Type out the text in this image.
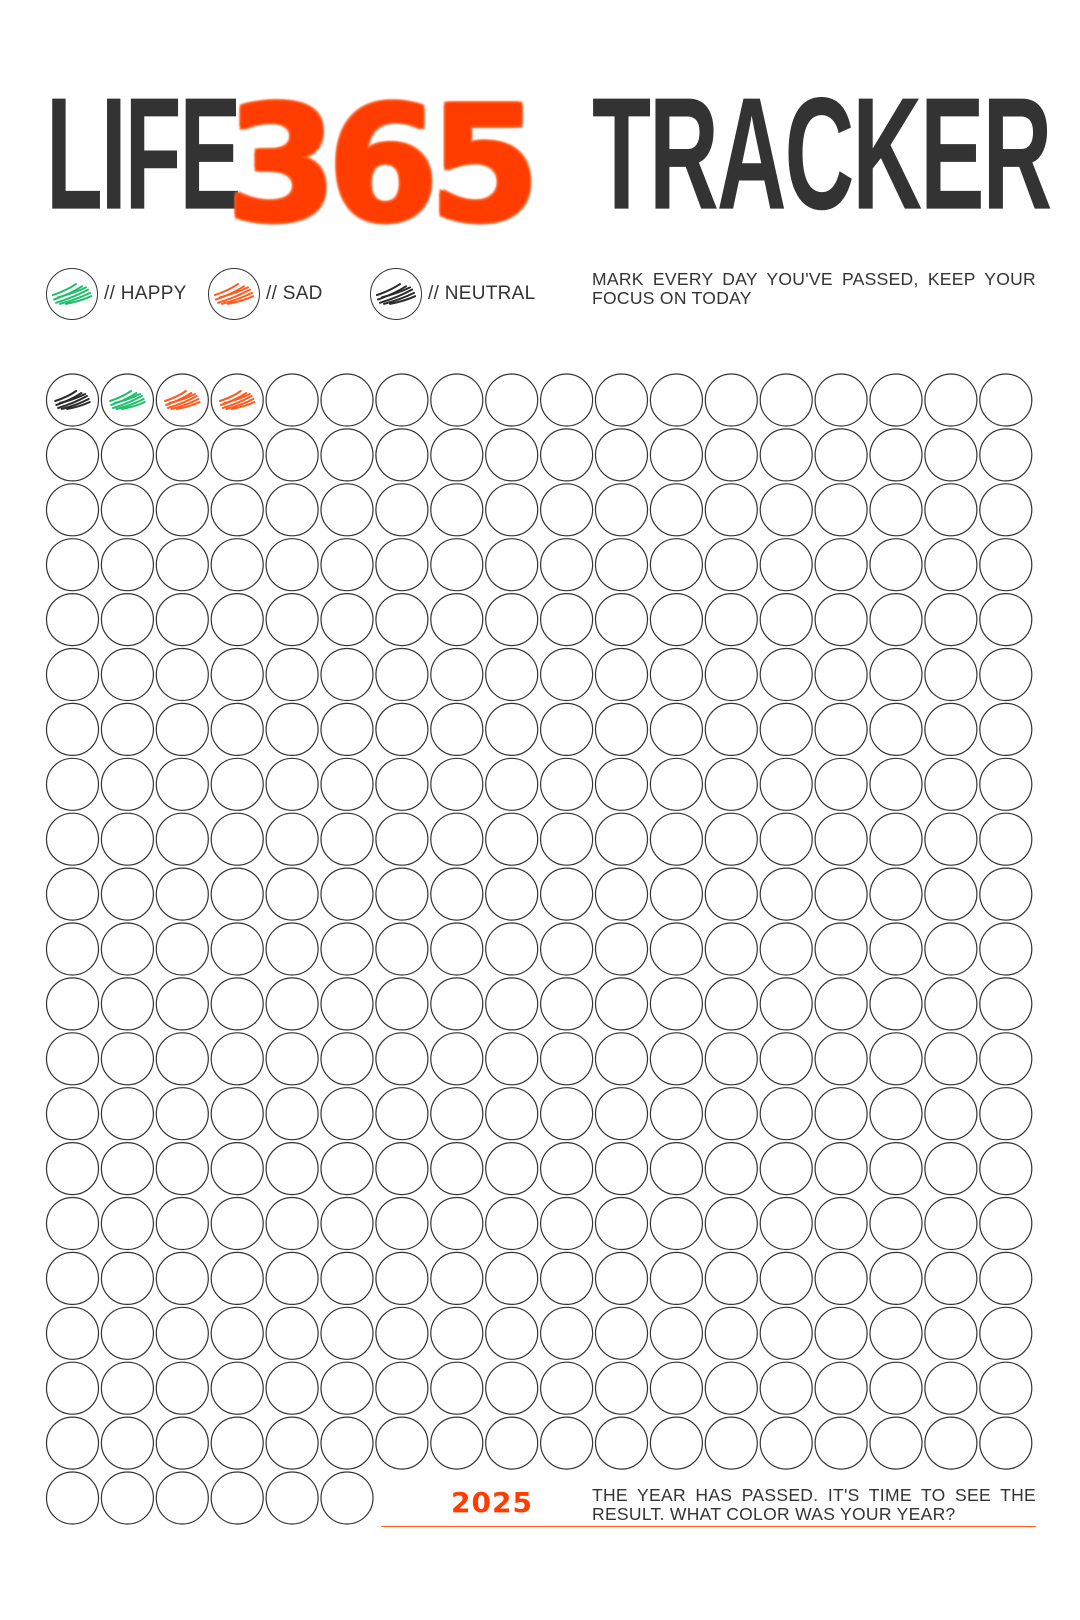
LIFE
365 TRACKER
// HAPPY	// SAD	// NEUTRAL
MARK EVERY DAY YOU'VE PASSED, KEEP YOUR FOCUS ON TODAY
2025	THE YEAR HAS PASSED. IT'S TIME TO SEE THE RESULT. WHAT COLOR WAS YOUR YEAR?
